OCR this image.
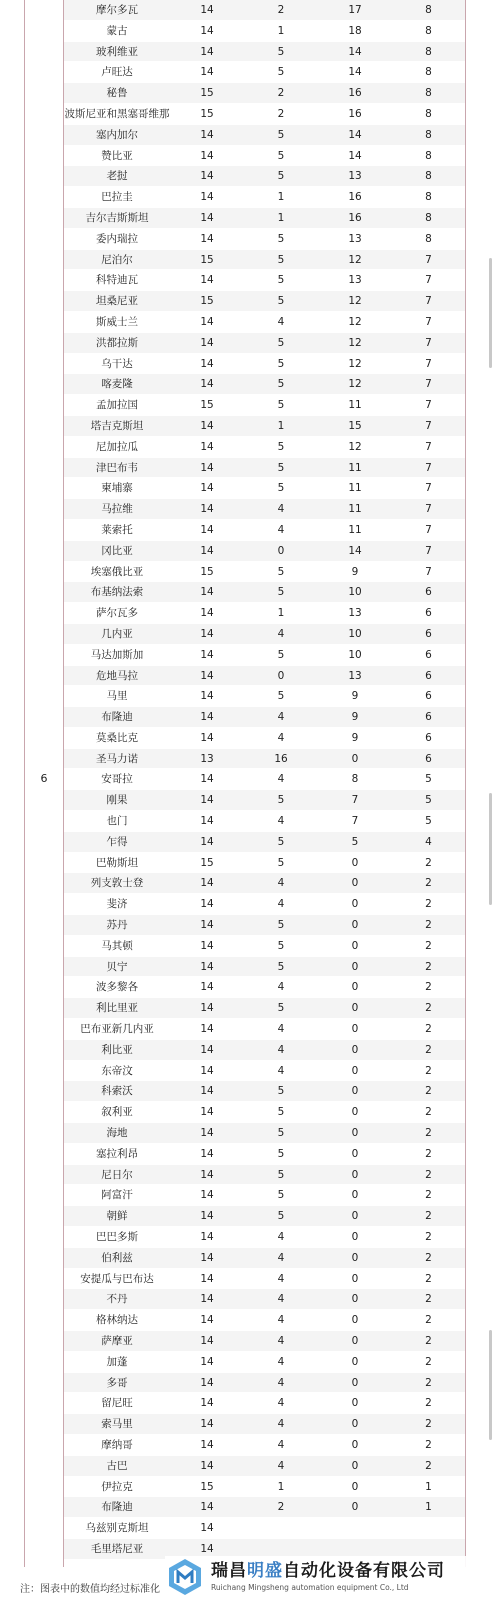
6
摩尔多瓦	14	2	17	8
蒙古	14	1	18	8
玻利维亚	14	5	14	8
卢旺达	14	5	14	8
秘鲁	15	2	16	8
波斯尼亚和黑塞哥维那	15	2	16	8
塞内加尔	14	5	14	8
赞比亚	14	5	14	8
老挝	14	5	13	8
巴拉圭	14	1	16	8
吉尔吉斯斯坦	14	1	16	8
委内瑞拉	14	5	13	8
尼泊尔	15	5	12	7
科特迪瓦	14	5	13	7
坦桑尼亚	15	5	12	7
斯威士兰	14	4	12	7
洪都拉斯	14	5	12	7
乌干达	14	5	12	7
喀麦隆	14	5	12	7
孟加拉国	15	5	11	7
塔吉克斯坦	14	1	15	7
尼加拉瓜	14	5	12	7
津巴布韦	14	5	11	7
柬埔寨	14	5	11	7
马拉维	14	4	11	7
莱索托	14	4	11	7
冈比亚	14	0	14	7
埃塞俄比亚	15	5	9	7
布基纳法索	14	5	10	6
萨尔瓦多	14	1	13	6
几内亚	14	4	10	6
马达加斯加	14	5	10	6
危地马拉	14	0	13	6
马里	14	5	9	6
布隆迪	14	4	9	6
莫桑比克	14	4	9	6
圣马力诺	13	16	0	6
安哥拉	14	4	8	5
刚果	14	5	7	5
也门	14	4	7	5
乍得	14	5	5	4
巴勒斯坦	15	5	0	2
列支敦士登	14	4	0	2
斐济	14	4	0	2
苏丹	14	5	0	2
马其顿	14	5	0	2
贝宁	14	5	0	2
波多黎各	14	4	0	2
利比里亚	14	5	0	2
巴布亚新几内亚	14	4	0	2
利比亚	14	4	0	2
东帝汶	14	4	0	2
科索沃	14	5	0	2
叙利亚	14	5	0	2
海地	14	5	0	2
塞拉利昂	14	5	0	2
尼日尔	14	5	0	2
阿富汗	14	5	0	2
朝鲜	14	5	0	2
巴巴多斯	14	4	0	2
伯利兹	14	4	0	2
安提瓜与巴布达	14	4	0	2
不丹	14	4	0	2
格林纳达	14	4	0	2
萨摩亚	14	4	0	2
加蓬	14	4	0	2
多哥	14	4	0	2
留尼旺	14	4	0	2
索马里	14	4	0	2
摩纳哥	14	4	0	2
古巴	14	4	0	2
伊拉克	15	1	0	1
布隆迪	14	2	0	1
乌兹别克斯坦	14
毛里塔尼亚	14
注：图表中的数值均经过标准化
瑞昌明盛自动化设备有限公司
Ruichang Mingsheng automation equipment Co., Ltd
